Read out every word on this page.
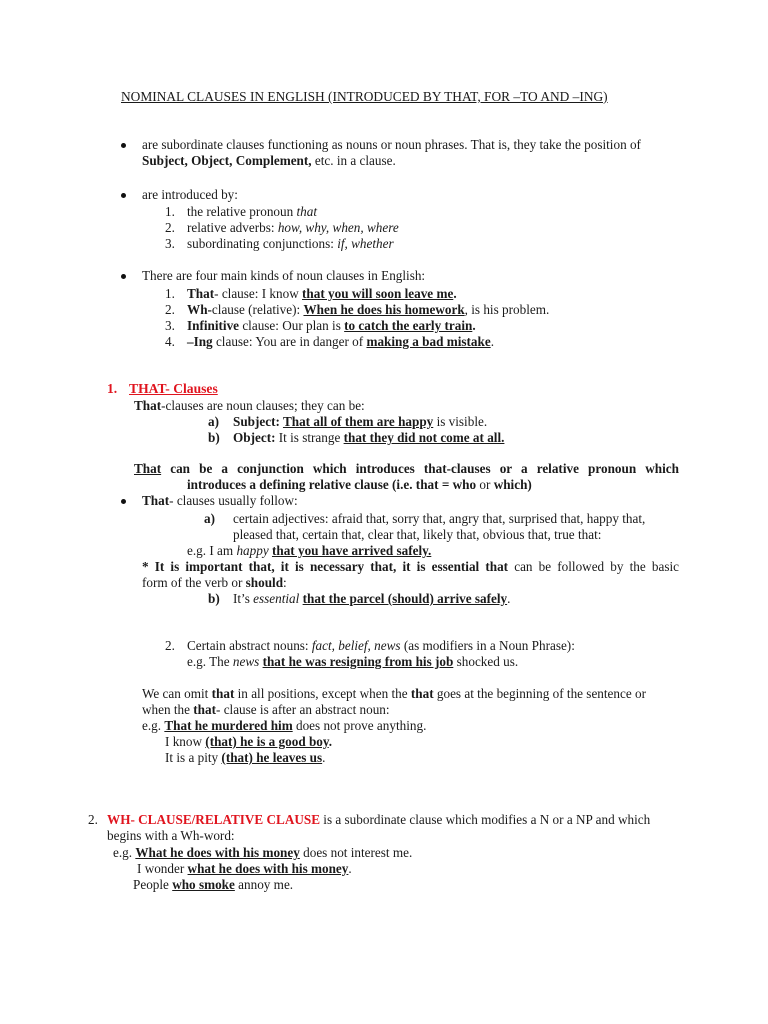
NOMINAL CLAUSES IN ENGLISH (INTRODUCED BY THAT, FOR –TO AND –ING)
are subordinate clauses functioning as nouns or noun phrases. That is, they take the position of
Subject, Object, Complement, etc. in a clause.
are introduced by:
1. the relative pronoun that
2. relative adverbs: how, why, when, where
3. subordinating conjunctions: if, whether
There are four main kinds of noun clauses in English:
1. That- clause: I know that you will soon leave me.
2. Wh-clause (relative): When he does his homework, is his problem.
3. Infinitive clause: Our plan is to catch the early train.
4. –Ing clause: You are in danger of making a bad mistake.
1. THAT- Clauses
That-clauses are noun clauses; they can be:
a) Subject: That all of them are happy is visible.
b) Object: It is strange that they did not come at all.
That can be a conjunction which introduces that-clauses or a relative pronoun which
introduces a defining relative clause (i.e. that = who or which)
That- clauses usually follow:
a) certain adjectives: afraid that, sorry that, angry that, surprised that, happy that,
pleased that, certain that, clear that, likely that, obvious that, true that:
e.g. I am happy that you have arrived safely.
* It is important that, it is necessary that, it is essential that can be followed by the basic
form of the verb or should:
b) It’s essential that the parcel (should) arrive safely.
2. Certain abstract nouns: fact, belief, news (as modifiers in a Noun Phrase):
e.g. The news that he was resigning from his job shocked us.
We can omit that in all positions, except when the that goes at the beginning of the sentence or
when the that- clause is after an abstract noun:
e.g. That he murdered him does not prove anything.
I know (that) he is a good boy.
It is a pity (that) he leaves us.
2. WH- CLAUSE/RELATIVE CLAUSE is a subordinate clause which modifies a N or a NP and which
begins with a Wh-word:
e.g. What he does with his money does not interest me.
I wonder what he does with his money.
People who smoke annoy me.
